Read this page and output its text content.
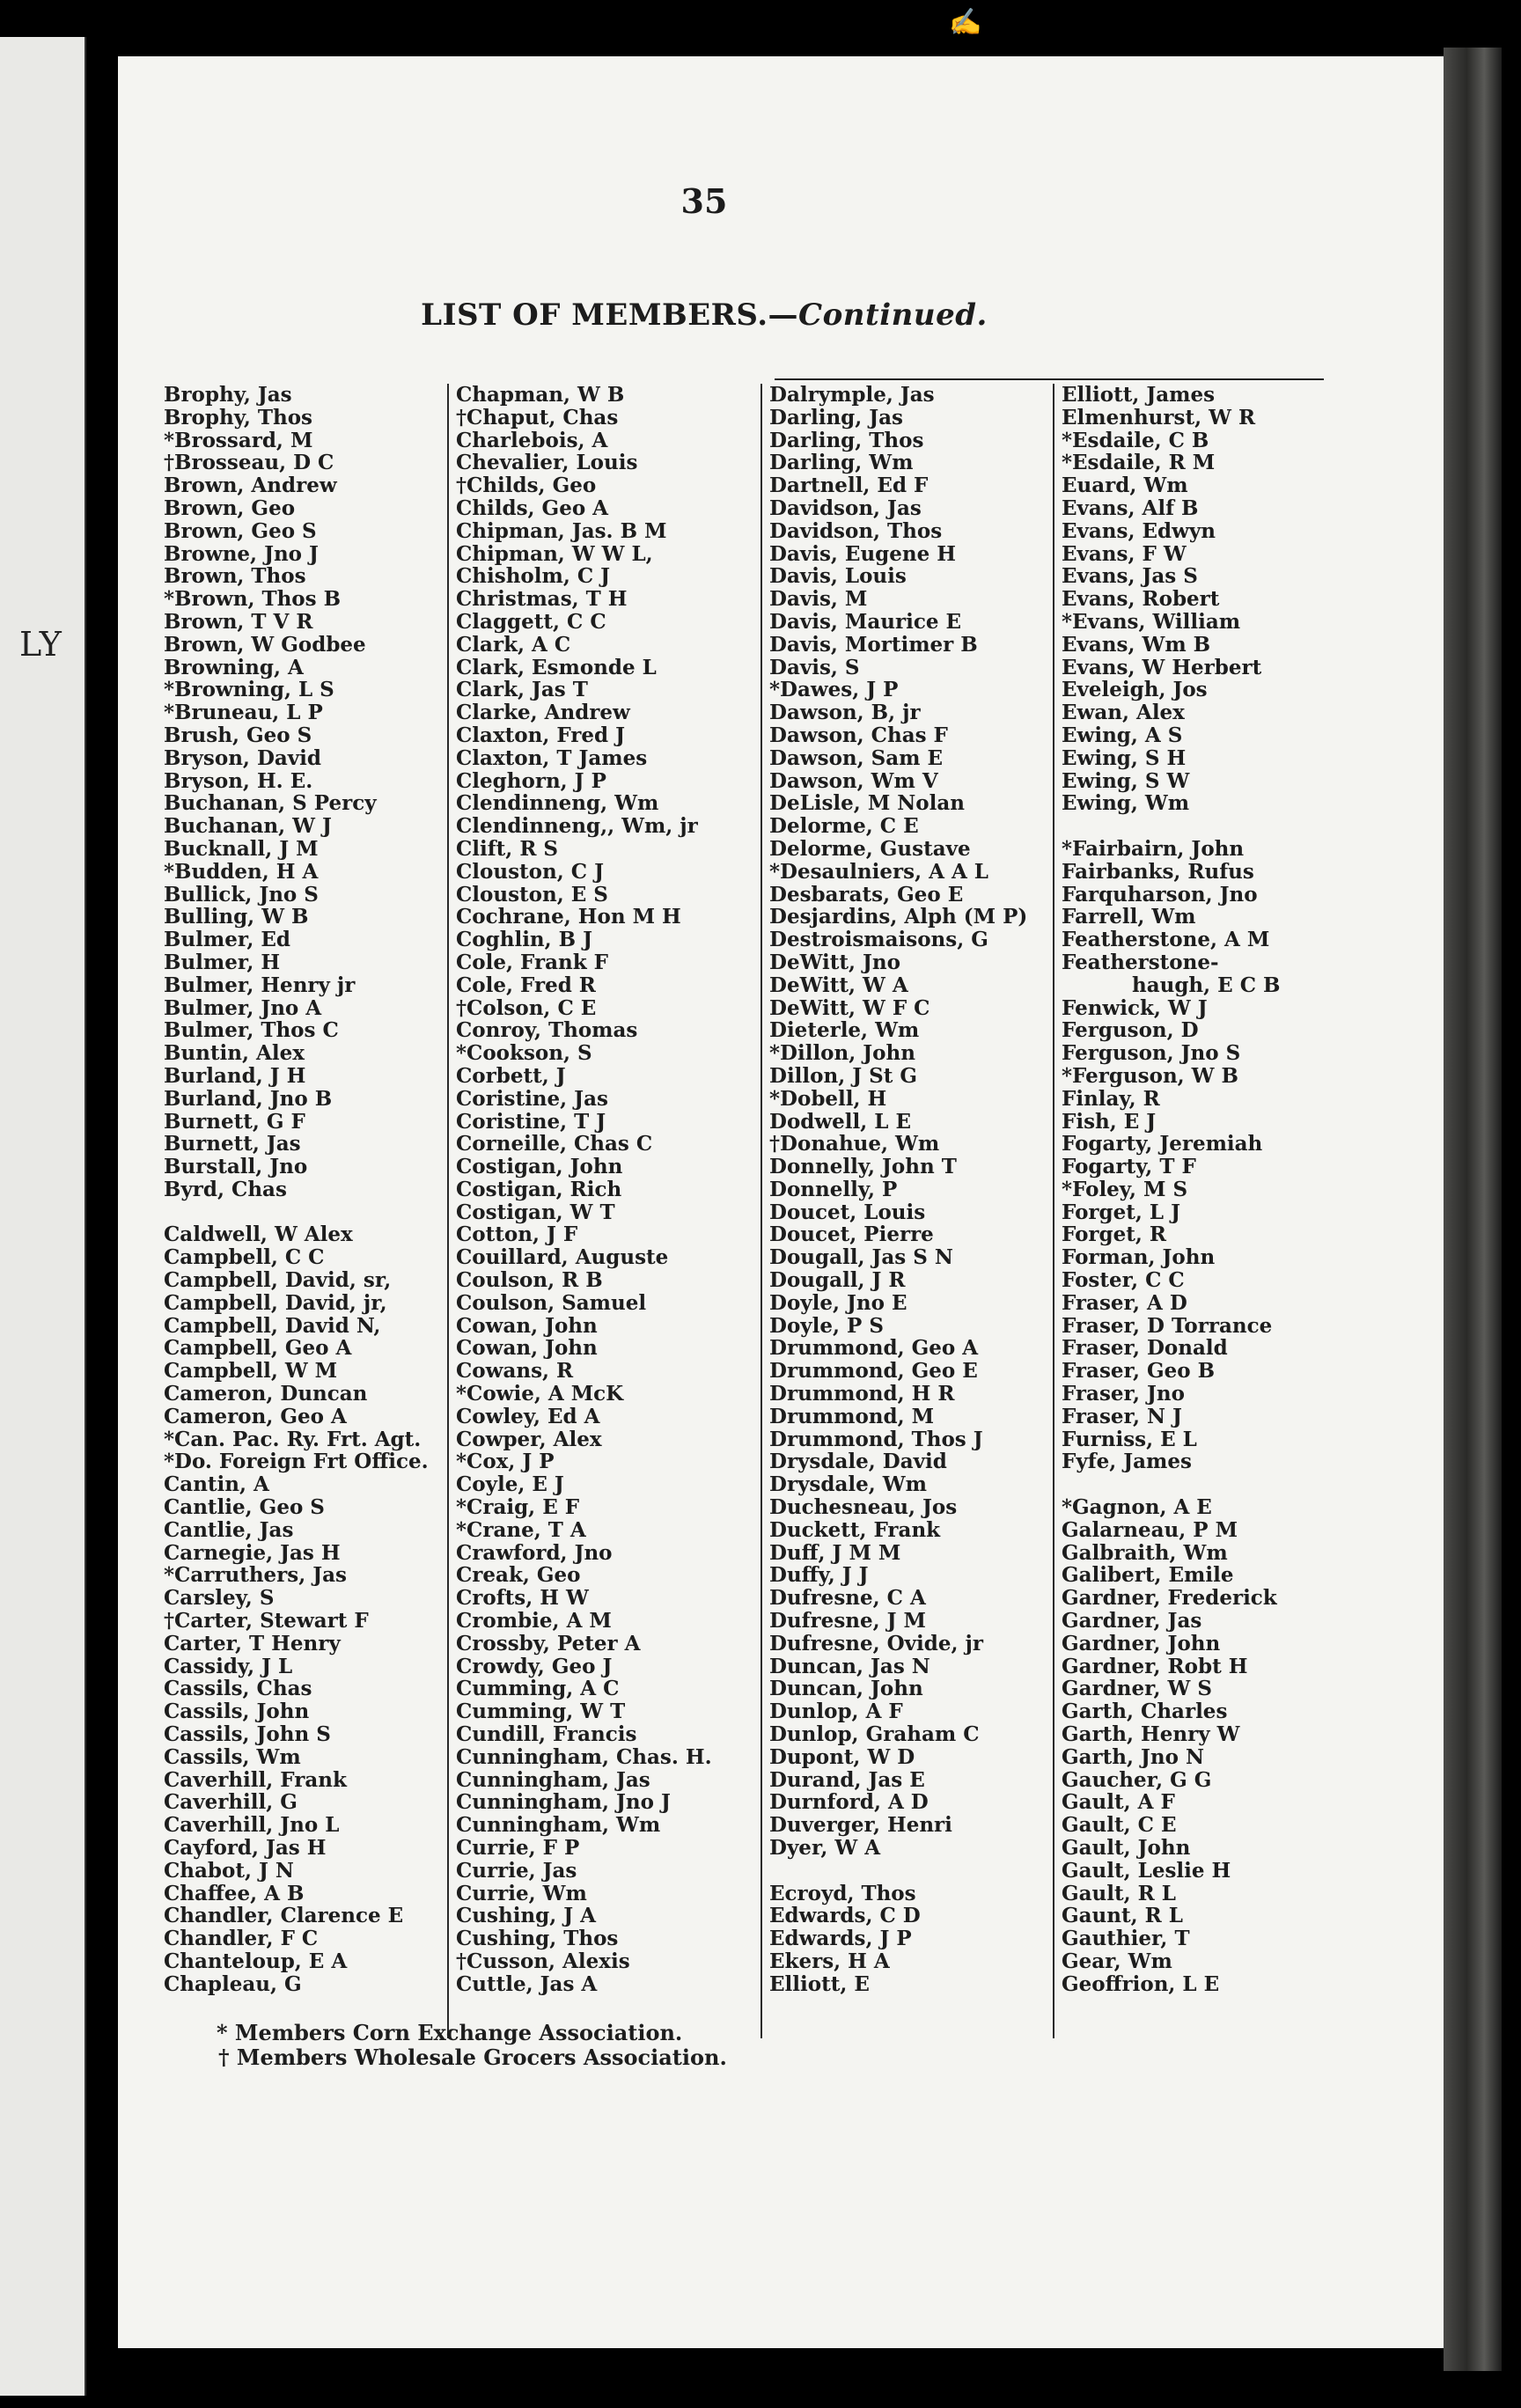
LY
✍
35
LIST OF MEMBERS.—Continued.
Brophy, Jas
Brophy, Thos
*Brossard, M
†Brosseau, D C
Brown, Andrew
Brown, Geo
Brown, Geo S
Browne, Jno J
Brown, Thos
*Brown, Thos B
Brown, T V R
Brown, W Godbee
Browning, A
*Browning, L S
*Bruneau, L P
Brush, Geo S
Bryson, David
Bryson, H. E.
Buchanan, S Percy
Buchanan, W J
Bucknall, J M
*Budden, H A
Bullick, Jno S
Bulling, W B
Bulmer, Ed
Bulmer, H
Bulmer, Henry jr
Bulmer, Jno A
Bulmer, Thos C
Buntin, Alex
Burland, J H
Burland, Jno B
Burnett, G F
Burnett, Jas
Burstall, Jno
Byrd, Chas
Caldwell, W Alex
Campbell, C C
Campbell, David, sr,
Campbell, David, jr,
Campbell, David N,
Campbell, Geo A
Campbell, W M
Cameron, Duncan
Cameron, Geo A
*Can. Pac. Ry. Frt. Agt.
*Do. Foreign Frt Office.
Cantin, A
Cantlie, Geo S
Cantlie, Jas
Carnegie, Jas H
*Carruthers, Jas
Carsley, S
†Carter, Stewart F
Carter, T Henry
Cassidy, J L
Cassils, Chas
Cassils, John
Cassils, John S
Cassils, Wm
Caverhill, Frank
Caverhill, G
Caverhill, Jno L
Cayford, Jas H
Chabot, J N
Chaffee, A B
Chandler, Clarence E
Chandler, F C
Chanteloup, E A
Chapleau, G
Chapman, W B
†Chaput, Chas
Charlebois, A
Chevalier, Louis
†Childs, Geo
Childs, Geo A
Chipman, Jas. B M
Chipman, W W L,
Chisholm, C J
Christmas, T H
Claggett, C C
Clark, A C
Clark, Esmonde L
Clark, Jas T
Clarke, Andrew
Claxton, Fred J
Claxton, T James
Cleghorn, J P
Clendinneng, Wm
Clendinneng,, Wm, jr
Clift, R S
Clouston, C J
Clouston, E S
Cochrane, Hon M H
Coghlin, B J
Cole, Frank F
Cole, Fred R
†Colson, C E
Conroy, Thomas
*Cookson, S
Corbett, J
Coristine, Jas
Coristine, T J
Corneille, Chas C
Costigan, John
Costigan, Rich
Costigan, W T
Cotton, J F
Couillard, Auguste
Coulson, R B
Coulson, Samuel
Cowan, John
Cowan, John
Cowans, R
*Cowie, A McK
Cowley, Ed A
Cowper, Alex
*Cox, J P
Coyle, E J
*Craig, E F
*Crane, T A
Crawford, Jno
Creak, Geo
Crofts, H W
Crombie, A M
Crossby, Peter A
Crowdy, Geo J
Cumming, A C
Cumming, W T
Cundill, Francis
Cunningham, Chas. H.
Cunningham, Jas
Cunningham, Jno J
Cunningham, Wm
Currie, F P
Currie, Jas
Currie, Wm
Cushing, J A
Cushing, Thos
†Cusson, Alexis
Cuttle, Jas A
Dalrymple, Jas
Darling, Jas
Darling, Thos
Darling, Wm
Dartnell, Ed F
Davidson, Jas
Davidson, Thos
Davis, Eugene H
Davis, Louis
Davis, M
Davis, Maurice E
Davis, Mortimer B
Davis, S
*Dawes, J P
Dawson, B, jr
Dawson, Chas F
Dawson, Sam E
Dawson, Wm V
DeLisle, M Nolan
Delorme, C E
Delorme, Gustave
*Desaulniers, A A L
Desbarats, Geo E
Desjardins, Alph (M P)
Destroismaisons, G
DeWitt, Jno
DeWitt, W A
DeWitt, W F C
Dieterle, Wm
*Dillon, John
Dillon, J St G
*Dobell, H
Dodwell, L E
†Donahue, Wm
Donnelly, John T
Donnelly, P
Doucet, Louis
Doucet, Pierre
Dougall, Jas S N
Dougall, J R
Doyle, Jno E
Doyle, P S
Drummond, Geo A
Drummond, Geo E
Drummond, H R
Drummond, M
Drummond, Thos J
Drysdale, David
Drysdale, Wm
Duchesneau, Jos
Duckett, Frank
Duff, J M M
Duffy, J J
Dufresne, C A
Dufresne, J M
Dufresne, Ovide, jr
Duncan, Jas N
Duncan, John
Dunlop, A F
Dunlop, Graham C
Dupont, W D
Durand, Jas E
Durnford, A D
Duverger, Henri
Dyer, W A
Ecroyd, Thos
Edwards, C D
Edwards, J P
Ekers, H A
Elliott, E
Elliott, James
Elmenhurst, W R
*Esdaile, C B
*Esdaile, R M
Euard, Wm
Evans, Alf B
Evans, Edwyn
Evans, F W
Evans, Jas S
Evans, Robert
*Evans, William
Evans, Wm B
Evans, W Herbert
Eveleigh, Jos
Ewan, Alex
Ewing, A S
Ewing, S H
Ewing, S W
Ewing, Wm
*Fairbairn, John
Fairbanks, Rufus
Farquharson, Jno
Farrell, Wm
Featherstone, A M
Featherstone-
haugh, E C B
Fenwick, W J
Ferguson, D
Ferguson, Jno S
*Ferguson, W B
Finlay, R
Fish, E J
Fogarty, Jeremiah
Fogarty, T F
*Foley, M S
Forget, L J
Forget, R
Forman, John
Foster, C C
Fraser, A D
Fraser, D Torrance
Fraser, Donald
Fraser, Geo B
Fraser, Jno
Fraser, N J
Furniss, E L
Fyfe, James
*Gagnon, A E
Galarneau, P M
Galbraith, Wm
Galibert, Emile
Gardner, Frederick
Gardner, Jas
Gardner, John
Gardner, Robt H
Gardner, W S
Garth, Charles
Garth, Henry W
Garth, Jno N
Gaucher, G G
Gault, A F
Gault, C E
Gault, John
Gault, Leslie H
Gault, R L
Gaunt, R L
Gauthier, T
Gear, Wm
Geoffrion, L E
* Members Corn Exchange Association.
† Members Wholesale Grocers Association.
